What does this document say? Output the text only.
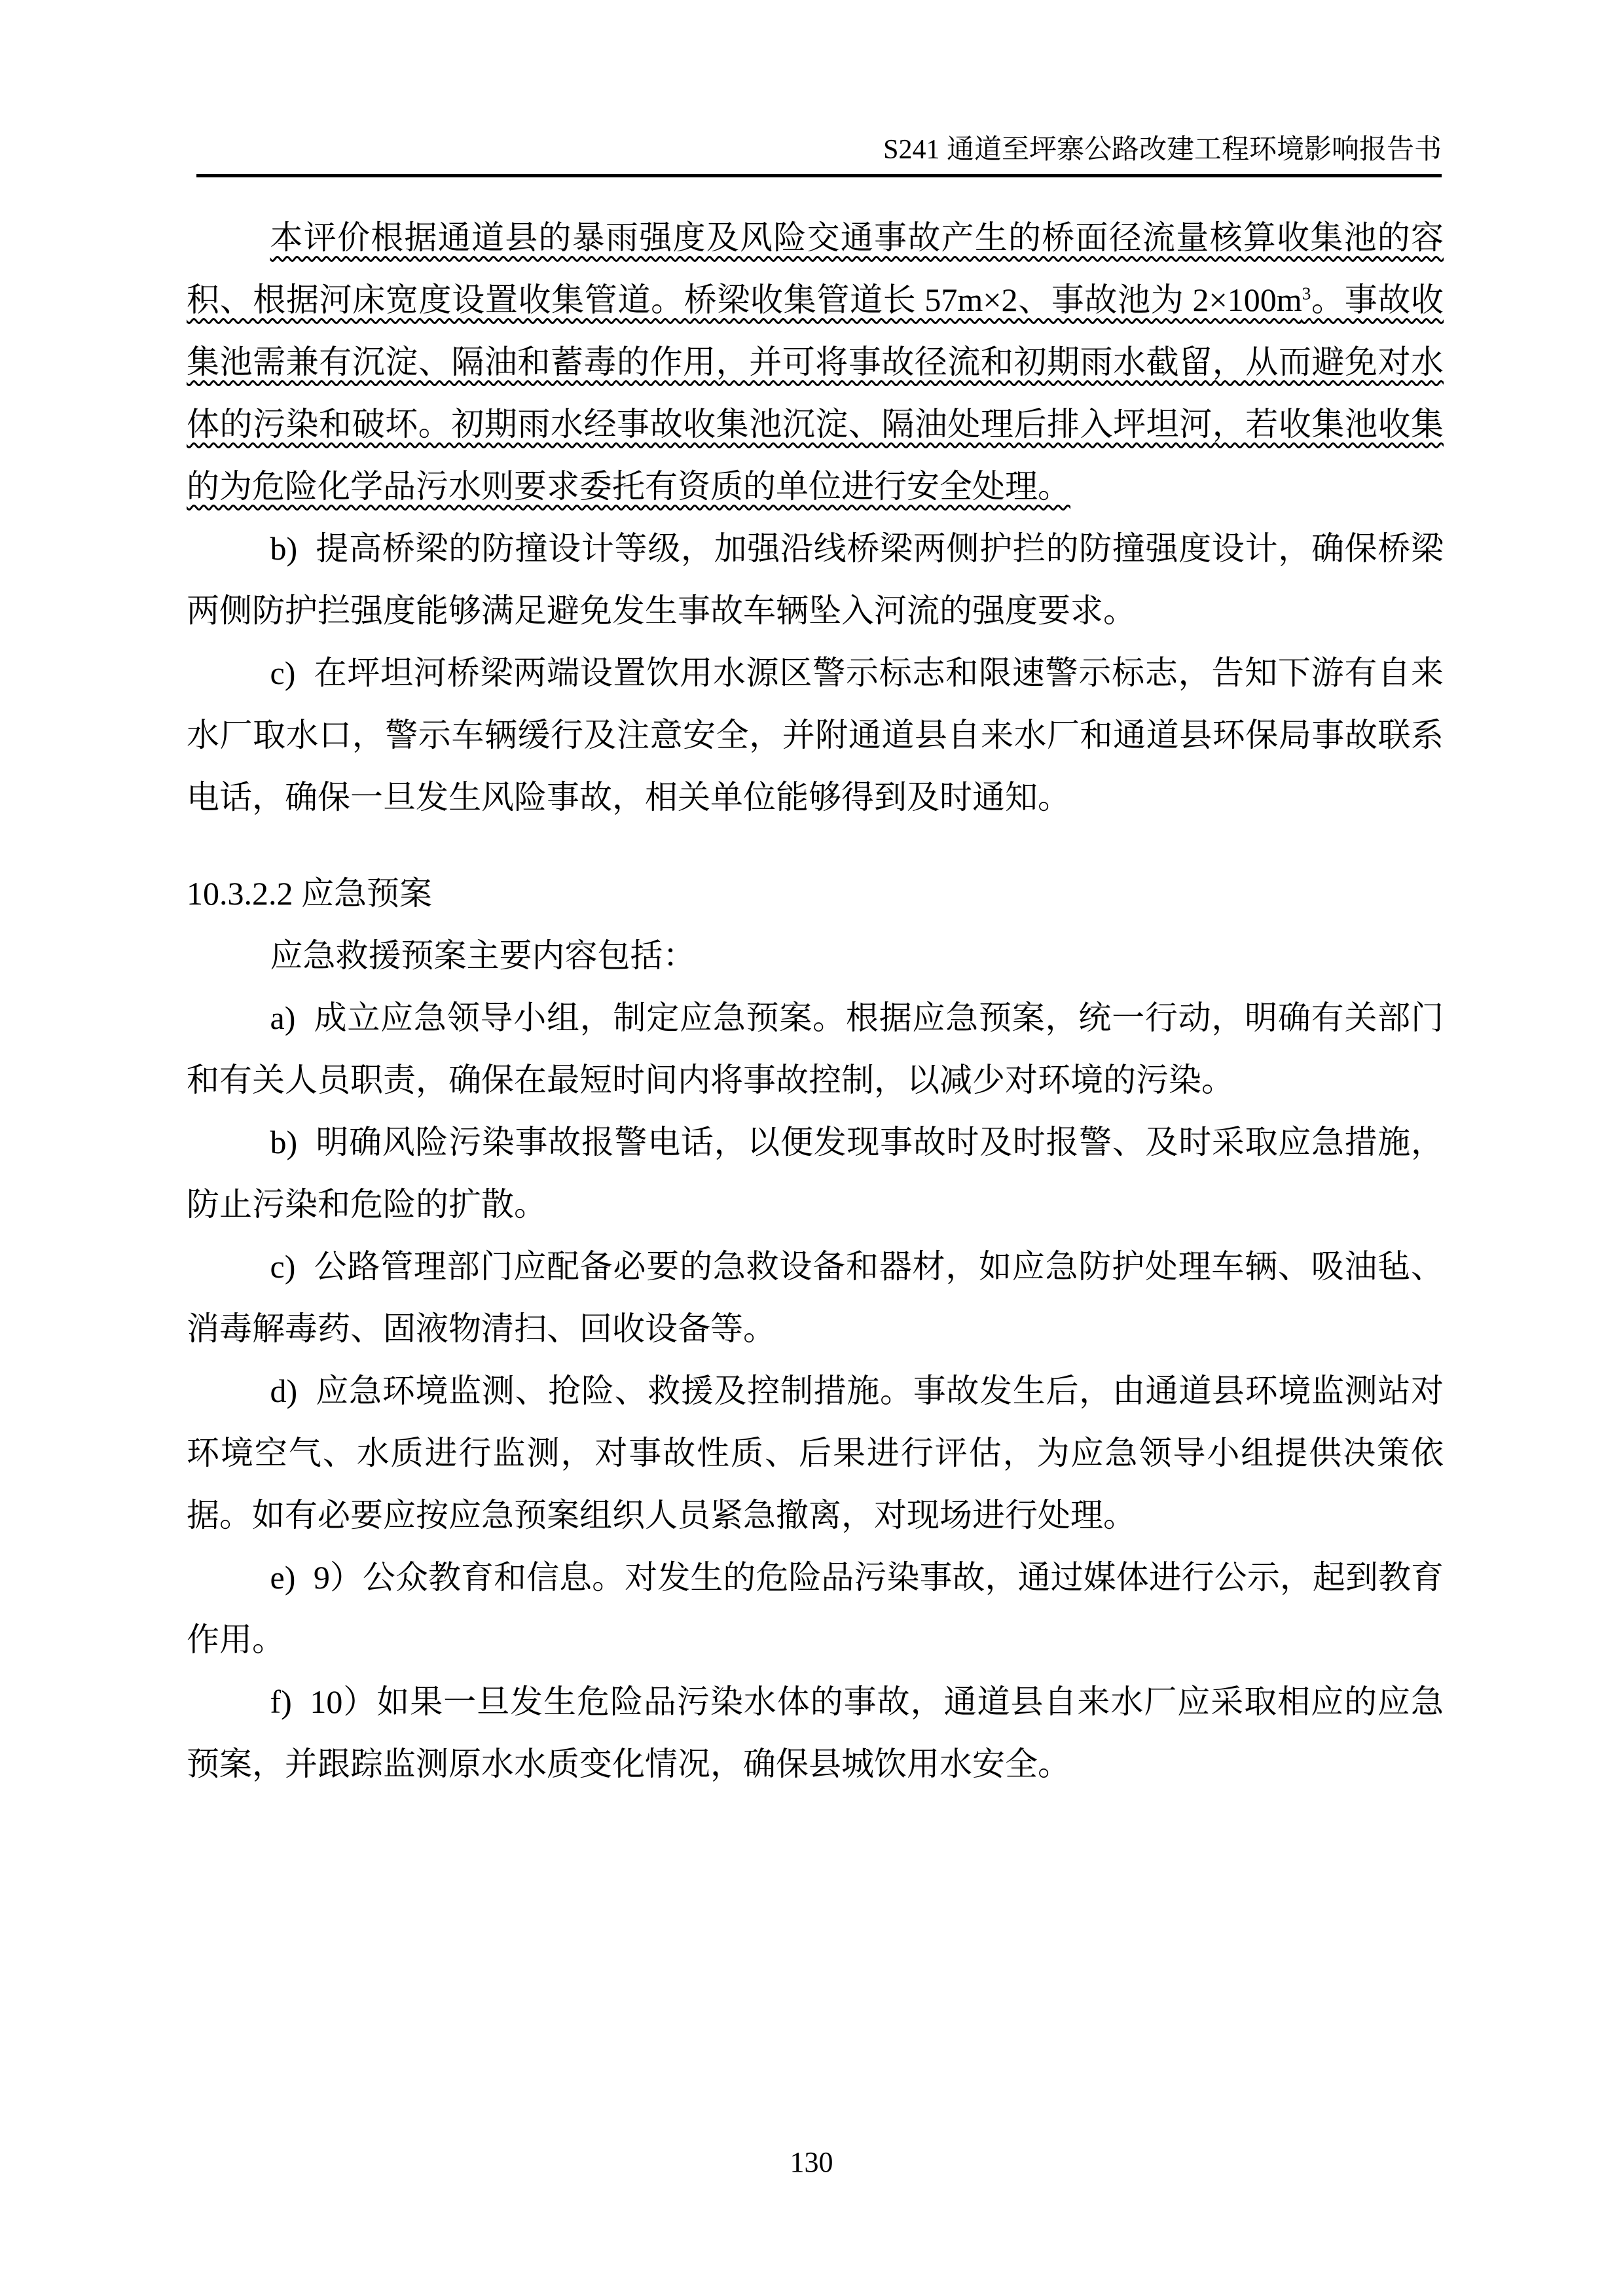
S241 通道至坪寨公路改建工程环境影响报告书

本评价根据通道县的暴雨强度及风险交通事故产生的桥面径流量核算收集池的容积、根据河床宽度设置收集管道。桥梁收集管道长 57m×2、事故池为 $2\times 100m^3$。事故收集池需兼有沉淀、隔油和蓄毒的作用，并可将事故径流和初期雨水截留，从而避免对水体的污染和破坏。初期雨水经事故收集池沉淀、隔油处理后排入坪坦河，若收集池收集的为危险化学品污水则要求委托有资质的单位进行安全处理。

b) 提高桥梁的防撞设计等级，加强沿线桥梁两侧护拦的防撞强度设计，确保桥梁两侧防护拦强度能够满足避免发生事故车辆坠入河流的强度要求。

c) 在坪坦河桥梁两端设置饮用水源区警示标志和限速警示标志，告知下游有自来水厂取水口，警示车辆缓行及注意安全，并附通道县自来水厂和通道县环保局事故联系电话，确保一旦发生风险事故，相关单位能够得到及时通知。

10.3.2.2 应急预案

应急救援预案主要内容包括：

a) 成立应急领导小组，制定应急预案。根据应急预案，统一行动，明确有关部门和有关人员职责，确保在最短时间内将事故控制，以减少对环境的污染。

b) 明确风险污染事故报警电话，以便发现事故时及时报警、及时采取应急措施，防止污染和危险的扩散。

c) 公路管理部门应配备必要的急救设备和器材，如应急防护处理车辆、吸油毡、消毒解毒药、固液物清扫、回收设备等。

d) 应急环境监测、抢险、救援及控制措施。事故发生后，由通道县环境监测站对环境空气、水质进行监测，对事故性质、后果进行评估，为应急领导小组提供决策依据。如有必要应按应急预案组织人员紧急撤离，对现场进行处理。

e) 9）公众教育和信息。对发生的危险品污染事故，通过媒体进行公示，起到教育作用。

f) 10）如果一旦发生危险品污染水体的事故，通道县自来水厂应采取相应的应急预案，并跟踪监测原水水质变化情况，确保县城饮用水安全。

130
